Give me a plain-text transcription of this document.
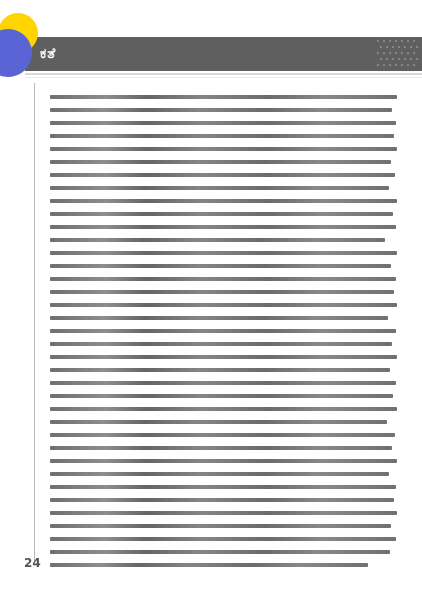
ಕತೆ
24
